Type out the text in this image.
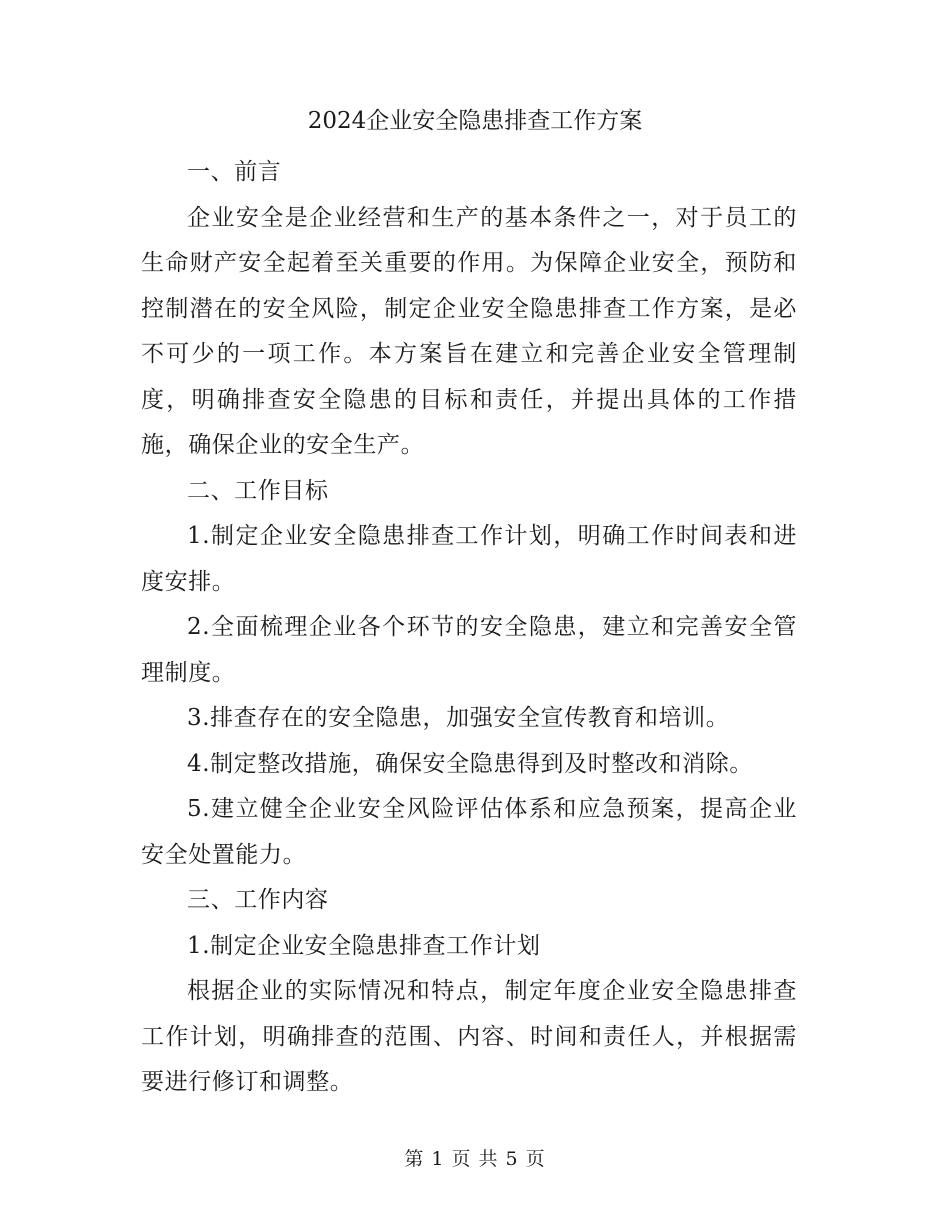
2024企业安全隐患排查工作方案

一、前言

企业安全是企业经营和生产的基本条件之一，对于员工的生命财产安全起着至关重要的作用。为保障企业安全，预防和控制潜在的安全风险，制定企业安全隐患排查工作方案，是必不可少的一项工作。本方案旨在建立和完善企业安全管理制度，明确排查安全隐患的目标和责任，并提出具体的工作措施，确保企业的安全生产。

二、工作目标

1.制定企业安全隐患排查工作计划，明确工作时间表和进度安排。

2.全面梳理企业各个环节的安全隐患，建立和完善安全管理制度。

3.排查存在的安全隐患，加强安全宣传教育和培训。

4.制定整改措施，确保安全隐患得到及时整改和消除。

5.建立健全企业安全风险评估体系和应急预案，提高企业安全处置能力。

三、工作内容

1.制定企业安全隐患排查工作计划

根据企业的实际情况和特点，制定年度企业安全隐患排查工作计划，明确排查的范围、内容、时间和责任人，并根据需要进行修订和调整。

第 1 页 共 5 页
